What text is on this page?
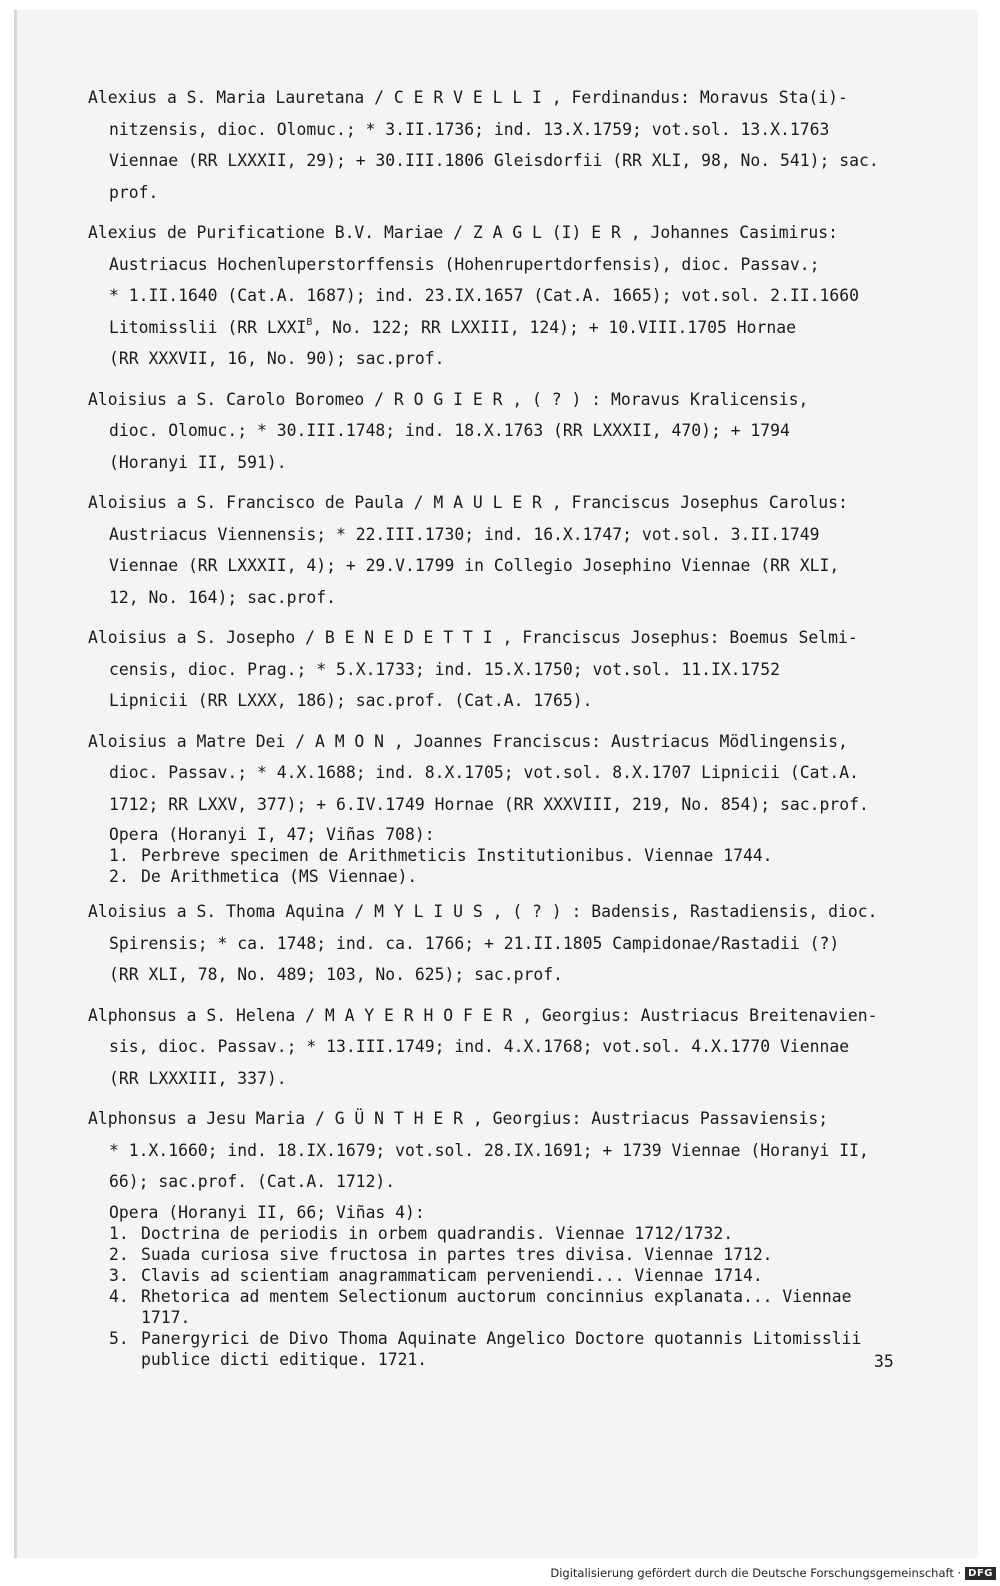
Alexius a S. Maria Lauretana / C E R V E L L I , Ferdinandus: Moravus Sta(i)-
nitzensis, dioc. Olomuc.; * 3.II.1736; ind. 13.X.1759; vot.sol. 13.X.1763
Viennae (RR LXXXII, 29); + 30.III.1806 Gleisdorfii (RR XLI, 98, No. 541); sac.
prof.
Alexius de Purificatione B.V. Mariae / Z A G L (I) E R , Johannes Casimirus:
Austriacus Hochenluperstorffensis (Hohenrupertdorfensis), dioc. Passav.;
* 1.II.1640 (Cat.A. 1687); ind. 23.IX.1657 (Cat.A. 1665); vot.sol. 2.II.1660
Litomisslii (RR $LXXI^B$, No. 122; RR LXXIII, 124); + 10.VIII.1705 Hornae
(RR XXXVII, 16, No. 90); sac.prof.
Aloisius a S. Carolo Boromeo / R O G I E R , ( ? ) : Moravus Kralicensis,
dioc. Olomuc.; * 30.III.1748; ind. 18.X.1763 (RR LXXXII, 470); + 1794
(Horanyi II, 591).
Aloisius a S. Francisco de Paula / M A U L E R , Franciscus Josephus Carolus:
Austriacus Viennensis; * 22.III.1730; ind. 16.X.1747; vot.sol. 3.II.1749
Viennae (RR LXXXII, 4); + 29.V.1799 in Collegio Josephino Viennae (RR XLI,
12, No. 164); sac.prof.
Aloisius a S. Josepho / B E N E D E T T I , Franciscus Josephus: Boemus Selmi-
censis, dioc. Prag.; * 5.X.1733; ind. 15.X.1750; vot.sol. 11.IX.1752
Lipnicii (RR LXXX, 186); sac.prof. (Cat.A. 1765).
Aloisius a Matre Dei / A M O N , Joannes Franciscus: Austriacus Mödlingensis,
dioc. Passav.; * 4.X.1688; ind. 8.X.1705; vot.sol. 8.X.1707 Lipnicii (Cat.A.
1712; RR LXXV, 377); + 6.IV.1749 Hornae (RR XXXVIII, 219, No. 854); sac.prof.
Opera (Horanyi I, 47; Viñas 708):
1. Perbreve specimen de Arithmeticis Institutionibus. Viennae 1744.
2. De Arithmetica (MS Viennae).
Aloisius a S. Thoma Aquina / M Y L I U S , ( ? ) : Badensis, Rastadiensis, dioc.
Spirensis; * ca. 1748; ind. ca. 1766; + 21.II.1805 Campidonae/Rastadii (?)
(RR XLI, 78, No. 489; 103, No. 625); sac.prof.
Alphonsus a S. Helena / M A Y E R H O F E R , Georgius: Austriacus Breitenavien-
sis, dioc. Passav.; * 13.III.1749; ind. 4.X.1768; vot.sol. 4.X.1770 Viennae
(RR LXXXIII, 337).
Alphonsus a Jesu Maria / G Ü N T H E R , Georgius: Austriacus Passaviensis;
* 1.X.1660; ind. 18.IX.1679; vot.sol. 28.IX.1691; + 1739 Viennae (Horanyi II,
66); sac.prof. (Cat.A. 1712).
Opera (Horanyi II, 66; Viñas 4):
1. Doctrina de periodis in orbem quadrandis. Viennae 1712/1732.
2. Suada curiosa sive fructosa in partes tres divisa. Viennae 1712.
3. Clavis ad scientiam anagrammaticam perveniendi... Viennae 1714.
4. Rhetorica ad mentem Selectionum auctorum concinnius explanata... Viennae
1717.
5. Panergyrici de Divo Thoma Aquinate Angelico Doctore quotannis Litomisslii
publice dicti editique. 1721.	35
Digitalisierung gefördert durch die Deutsche Forschungsgemeinschaft · DFG
